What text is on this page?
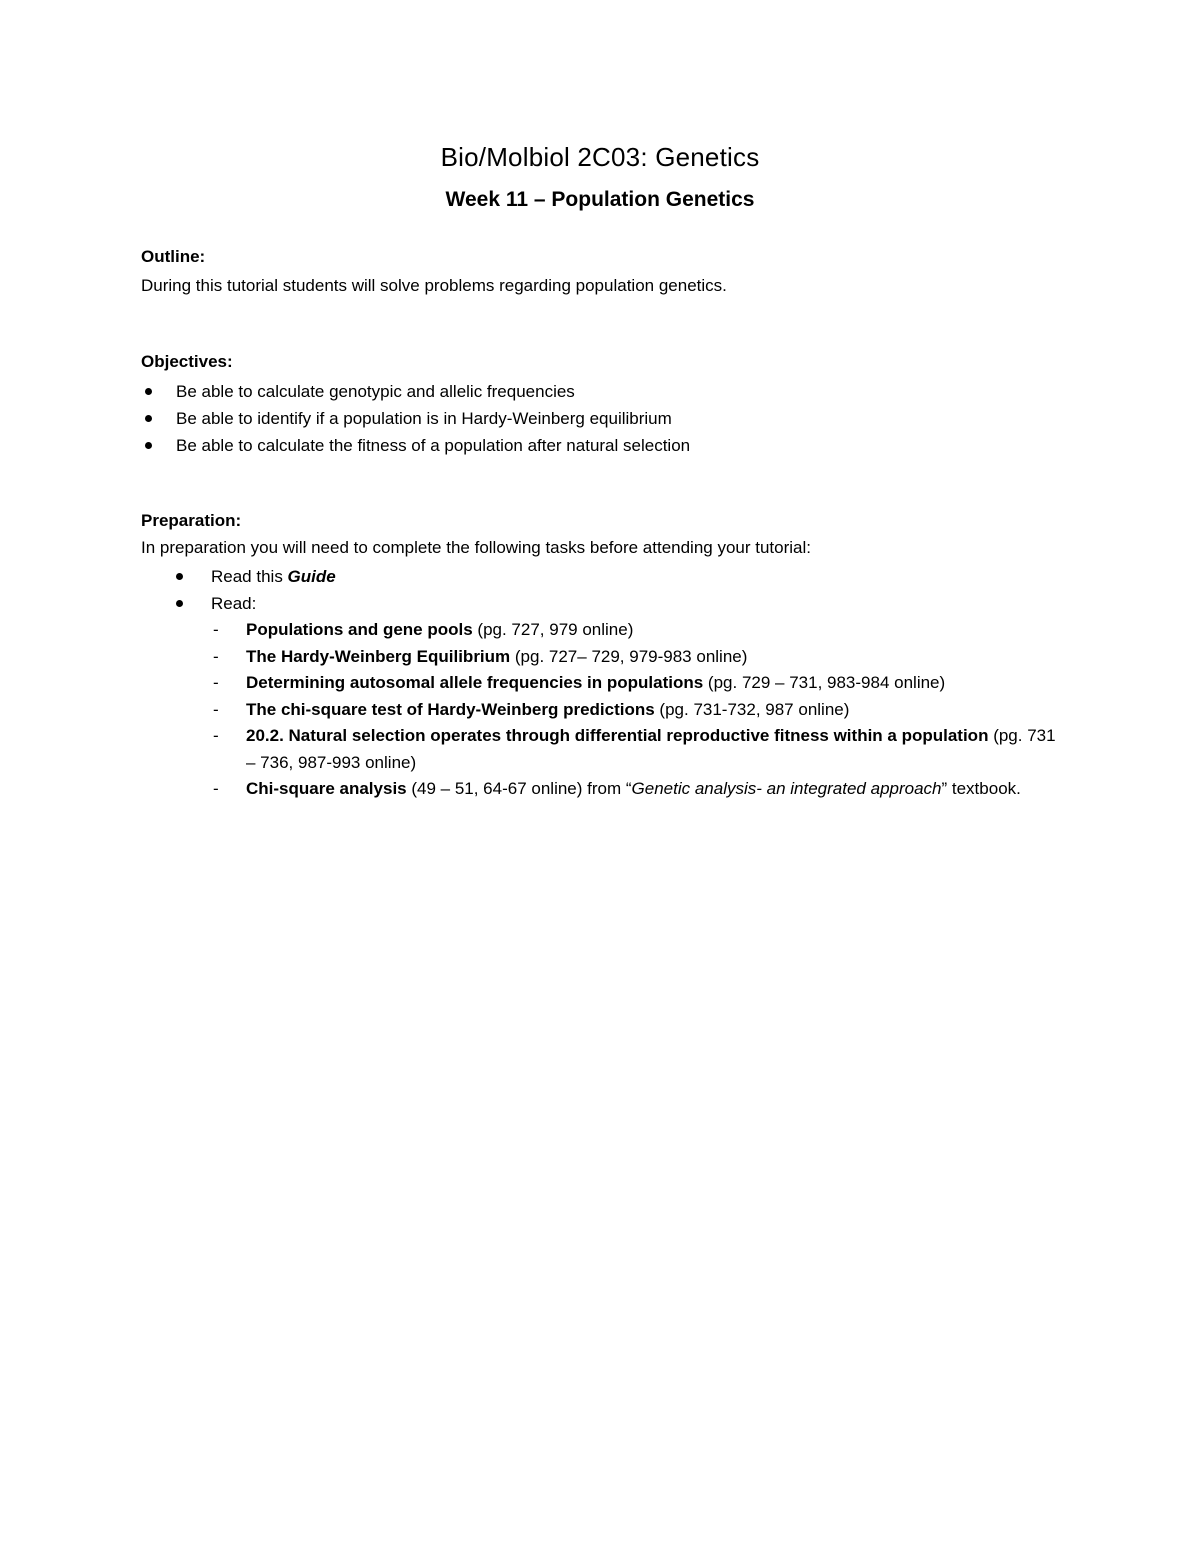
Bio/Molbiol 2C03: Genetics
Week 11 – Population Genetics
Outline:
During this tutorial students will solve problems regarding population genetics.
Objectives:
Be able to calculate genotypic and allelic frequencies
Be able to identify if a population is in Hardy-Weinberg equilibrium
Be able to calculate the fitness of a population after natural selection
Preparation:
In preparation you will need to complete the following tasks before attending your tutorial:
Read this Guide
Read:
- Populations and gene pools (pg. 727, 979 online)
- The Hardy-Weinberg Equilibrium (pg. 727– 729, 979-983 online)
- Determining autosomal allele frequencies in populations (pg. 729 – 731, 983-984 online)
- The chi-square test of Hardy-Weinberg predictions (pg. 731-732, 987 online)
- 20.2. Natural selection operates through differential reproductive fitness within a population (pg. 731 – 736, 987-993 online)
- Chi-square analysis (49 – 51, 64-67 online) from “Genetic analysis- an integrated approach” textbook.
